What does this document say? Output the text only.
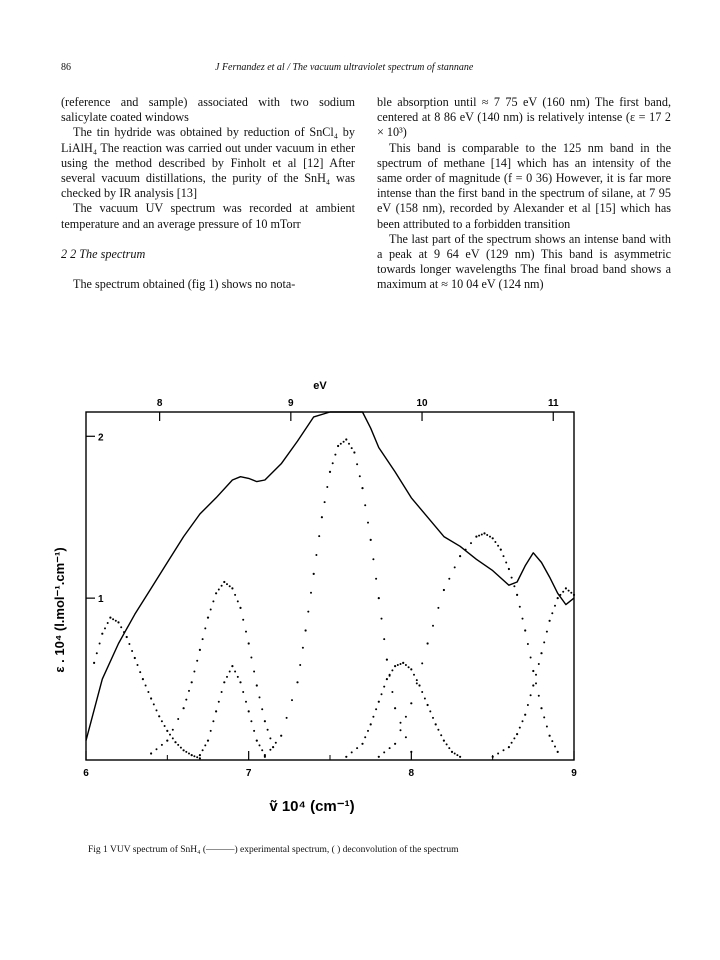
86	J Fernandez et al / The vacuum ultraviolet spectrum of stannane

(reference and sample) associated with two sodium salicylate coated windows

The tin hydride was obtained by reduction of SnCl₄ by LiAlH₄ The reaction was carried out under vacuum in ether using the method described by Finholt et al [12] After several vacuum distillations, the purity of the SnH₄ was checked by IR analysis [13]

The vacuum UV spectrum was recorded at ambient temperature and an average pressure of 10 mTorr

2 2 The spectrum

The spectrum obtained (fig 1) shows no nota-

ble absorption until ≈ 7 75 eV (160 nm) The first band, centered at 8 86 eV (140 nm) is relatively intense (ε = 17 2 × 10³)

This band is comparable to the 125 nm band in the spectrum of methane [14] which has an intensity of the same order of magnitude (f = 0 36) However, it is far more intense than the first band in the spectrum of silane, at 7 95 eV (158 nm), recorded by Alexander et al [15] which has been attributed to a forbidden transition

The last part of the spectrum shows an intense band with a peak at 9 64 eV (129 nm) This band is asymmetric towards longer wavelengths The final broad band shows a maximum at ≈ 10 04 eV (124 nm)

eV
ṽ 10⁴ (cm⁻¹)
ε . 10⁴ (l.mol⁻¹.cm⁻¹)
6	7	8	9
8	9	10	11
1
2
Fig 1 VUV spectrum of SnH₄ (———) experimental spectrum, ( ) deconvolution of the spectrum
